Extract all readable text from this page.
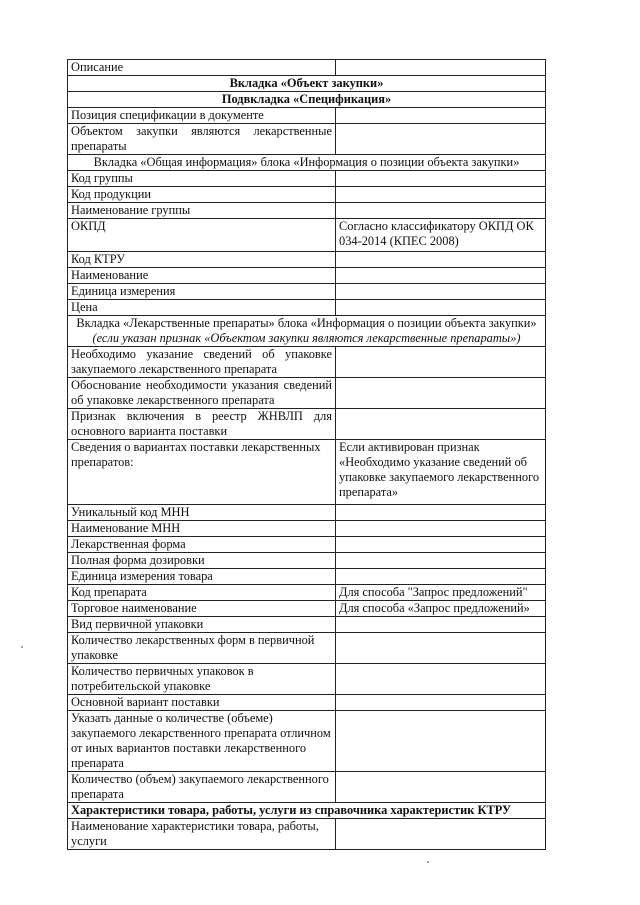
Описание	
Вкладка «Объект закупки»	
Подвкладка «Спецификация»	
Позиция спецификации в документе	
Объектом закупки являются лекарственные препараты	
Вкладка «Общая информация» блока «Информация о позиции объекта закупки»	
Код группы	
Код продукции	
Наименование группы	
ОКПД	Согласно классификатору ОКПД ОК 034-2014 (КПЕС 2008)
Код КТРУ	
Наименование	
Единица измерения	
Цена	
Вкладка «Лекарственные препараты» блока «Информация о позиции объекта закупки»
(если указан признак «Объектом закупки являются лекарственные препараты»)	

Необходимо указание сведений об упаковке закупаемого лекарственного препарата	
Обоснование необходимости указания сведений об упаковке лекарственного препарата	
Признак включения в реестр ЖНВЛП для основного варианта поставки	
Сведения о вариантах поставки лекарственных препаратов:	Если активирован признак «Необходимо указание сведений об упаковке закупаемого лекарственного препарата»
Уникальный код МНН	
Наименование МНН	
Лекарственная форма	
Полная форма дозировки	
Единица измерения товара	
Код препарата	Для способа "Запрос предложений"
Торговое наименование	Для способа «Запрос предложений»
Вид первичной упаковки	
Количество лекарственных форм в первичной упаковке	
Количество первичных упаковок в потребительской упаковке	
Основной вариант поставки	
Указать данные о количестве (объеме) закупаемого лекарственного препарата отличном от иных вариантов поставки лекарственного препарата	
Количество (объем) закупаемого лекарственного препарата	
Характеристики товара, работы, услуги из справочника характеристик КТРУ	
Наименование характеристики товара, работы, услуги	
